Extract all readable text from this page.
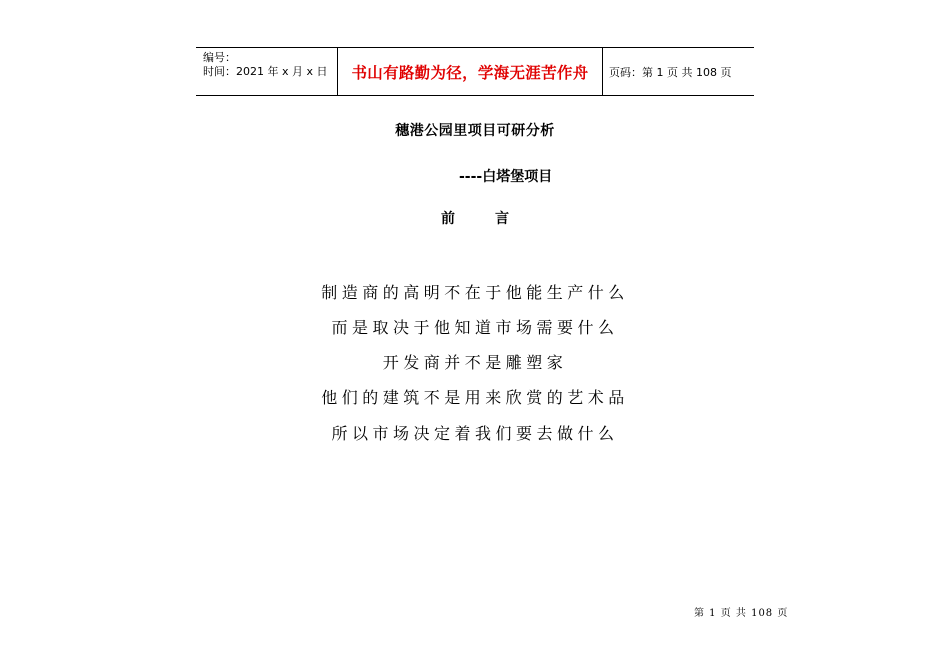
编号：
时间：2021 年 x 月 x 日	书山有路勤为径，学海无涯苦作舟	页码：第 1 页 共 108 页
穗港公园里项目可研分析
----白塔堡项目
前	言
制造商的高明不在于他能生产什么
而是取决于他知道市场需要什么
开发商并不是雕塑家
他们的建筑不是用来欣赏的艺术品
所以市场决定着我们要去做什么
第 1 页 共 108 页
